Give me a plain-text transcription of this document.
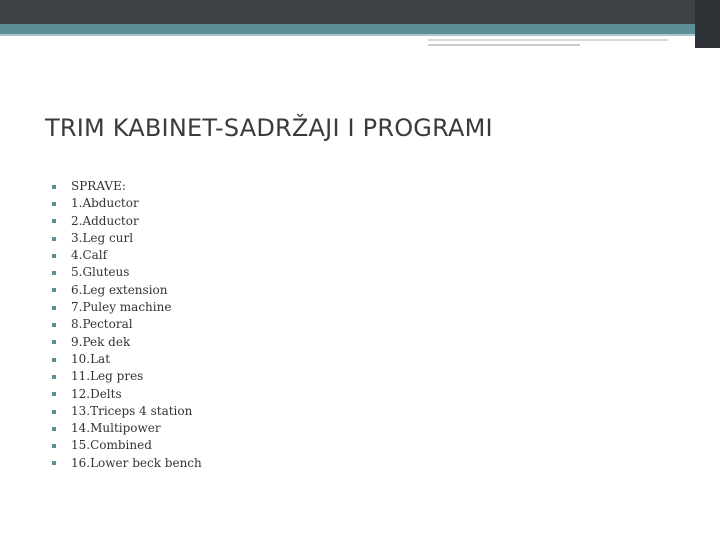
TRIM KABINET-SADRŽAJI I PROGRAMI
SPRAVE:
1.Abductor
2.Adductor
3.Leg curl
4.Calf
5.Gluteus
6.Leg extension
7.Puley machine
8.Pectoral
9.Pek dek
10.Lat
11.Leg pres
12.Delts
13.Triceps 4 station
14.Multipower
15.Combined
16.Lower beck bench
